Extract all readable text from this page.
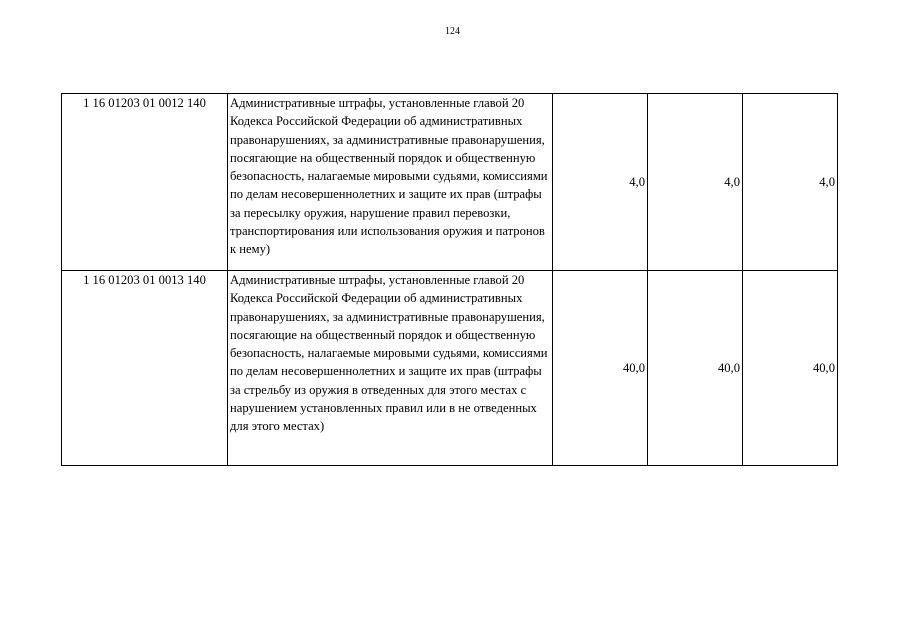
124
1 16 01203 01 0012 140	Административные штрафы, установленные главой 20 Кодекса Российской Федерации об административных правонарушениях, за административные правонарушения, посягающие на общественный порядок и общественную безопасность, налагаемые мировыми судьями, комиссиями по делам несовершеннолетних и защите их прав (штрафы за пересылку оружия, нарушение правил перевозки, транспортирования или использования оружия и патронов к нему)	4,0	4,0	4,0
1 16 01203 01 0013 140	Административные штрафы, установленные главой 20 Кодекса Российской Федерации об административных правонарушениях, за административные правонарушения, посягающие на общественный порядок и общественную безопасность, налагаемые мировыми судьями, комиссиями по делам несовершеннолетних и защите их прав (штрафы за стрельбу из оружия в отведенных для этого местах с нарушением установленных правил или в не отведенных для этого местах)	40,0	40,0	40,0
